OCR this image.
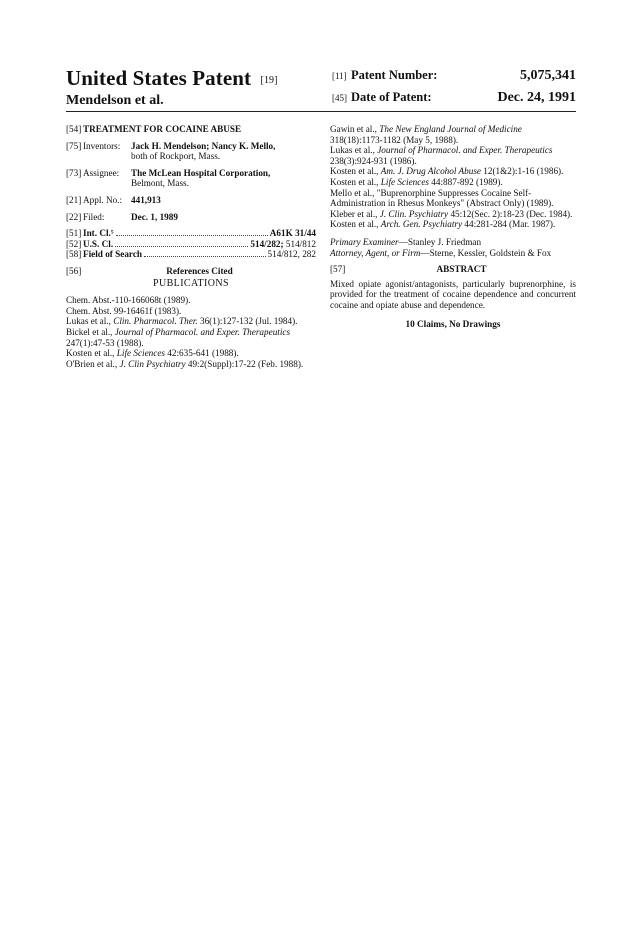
United States Patent [19]
Mendelson et al.
[11] Patent Number:	5,075,341
[45] Date of Patent:	Dec. 24, 1991
[54] TREATMENT FOR COCAINE ABUSE
[75] Inventors:	Jack H. Mendelson; Nancy K. Mello,
both of Rockport, Mass.
[73] Assignee:	The McLean Hospital Corporation,
Belmont, Mass.
[21] Appl. No.: 441,913
[22] Filed:	Dec. 1, 1989
[51] Int. Cl.⁵	A61K 31/44
[52] U.S. Cl.	514/282; 514/812
[58] Field of Search	514/812, 282
[56]	References Cited
PUBLICATIONS
Chem. Abst.-110-166068t (1989).
Chem. Abst. 99-16461f (1983).
Lukas et al., Clin. Pharmacol. Ther. 36(1):127-132 (Jul. 1984).
Bickel et al., Journal of Pharmacol. and Exper. Therapeutics 247(1):47-53 (1988).
Kosten et al., Life Sciences 42:635-641 (1988).
O'Brien et al., J. Clin Psychiatry 49:2(Suppl):17-22 (Feb. 1988).
Gawin et al., The New England Journal of Medicine 318(18):1173-1182 (May 5, 1988).
Lukas et al., Journal of Pharmacol. and Exper. Therapeutics 238(3):924-931 (1986).
Kosten et al., Am. J. Drug Alcohol Abuse 12(1&2):1-16 (1986).
Kosten et al., Life Sciences 44:887-892 (1989).
Mello et al., "Buprenorphine Suppresses Cocaine Self-Administration in Rhesus Monkeys" (Abstract Only) (1989).
Kleber et al., J. Clin. Psychiatry 45:12(Sec. 2):18-23 (Dec. 1984).
Kosten et al., Arch. Gen. Psychiatry 44:281-284 (Mar. 1987).
Primary Examiner—Stanley J. Friedman
Attorney, Agent, or Firm—Sterne, Kessler, Goldstein & Fox
[57]	ABSTRACT
Mixed opiate agonist/antagonists, particularly buprenorphine, is provided for the treatment of cocaine dependence and concurrent cocaine and opiate abuse and dependence.
10 Claims, No Drawings
